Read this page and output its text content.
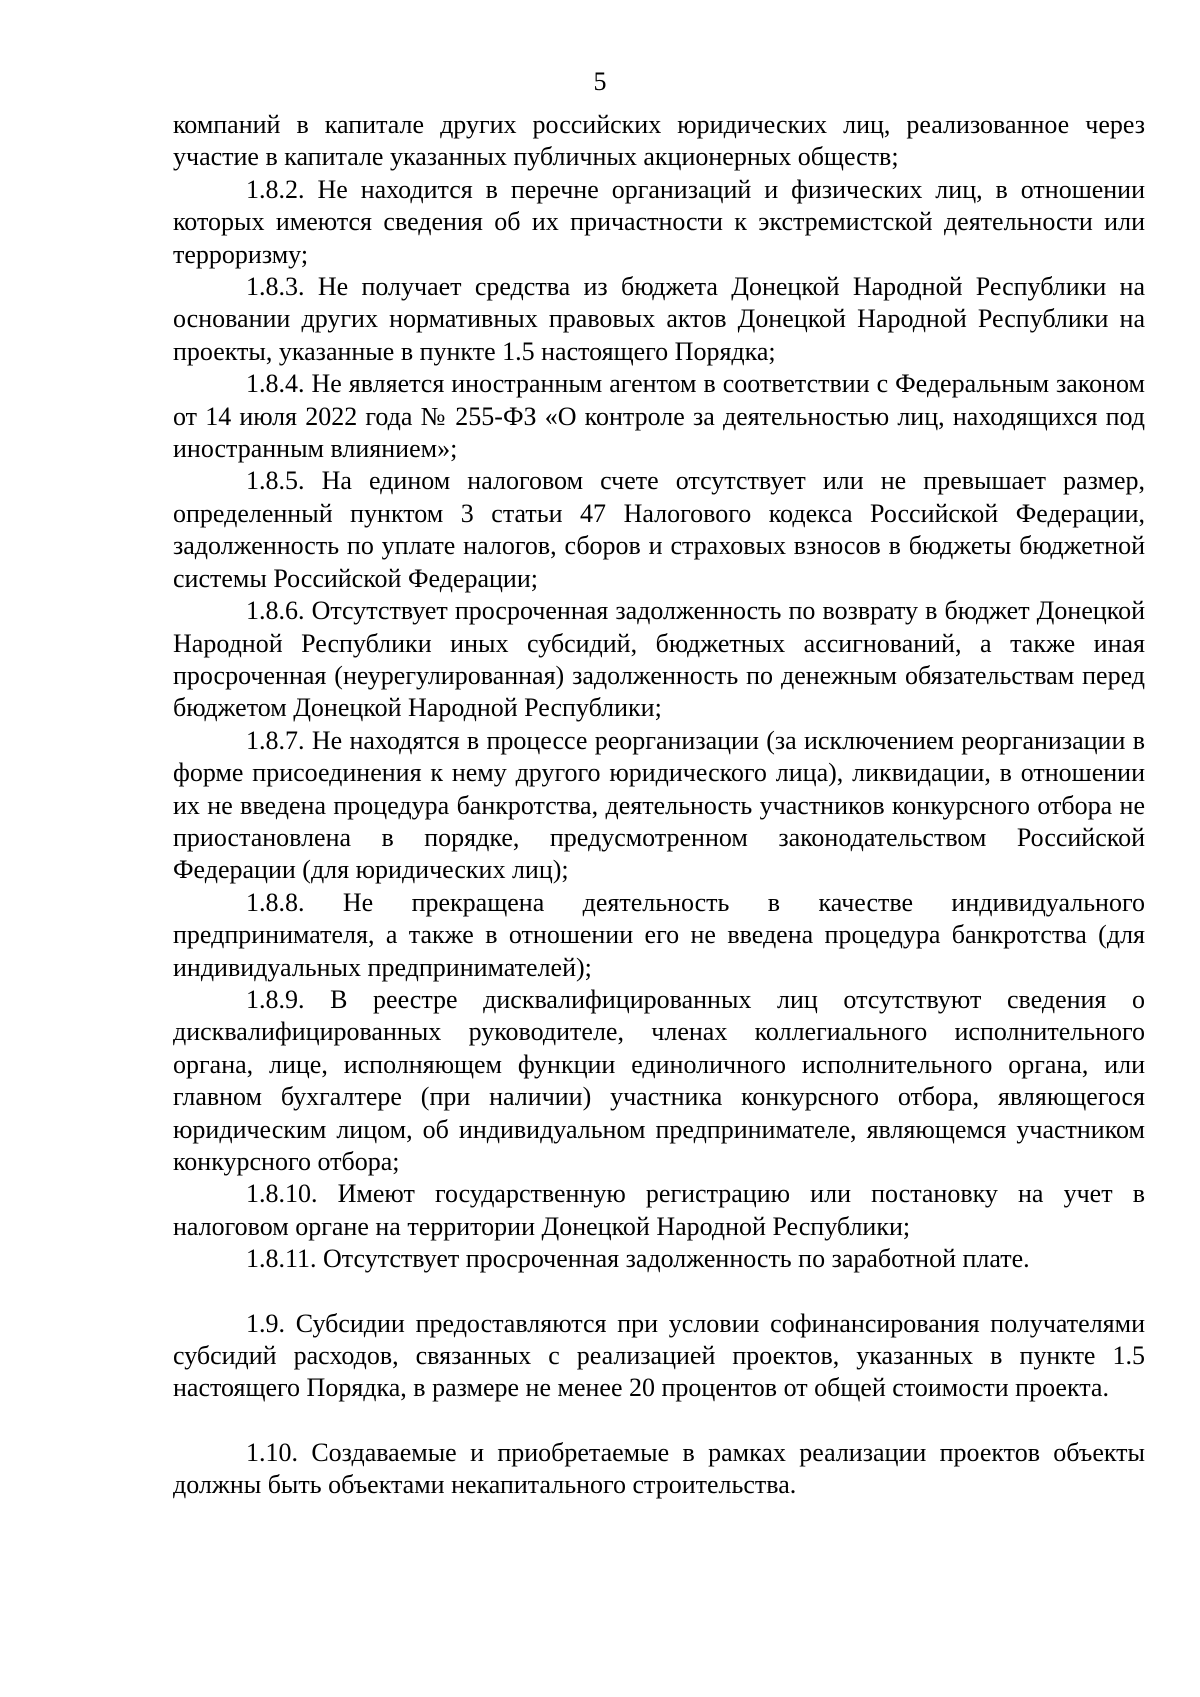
5

компаний в капитале других российских юридических лиц, реализованное через участие в капитале указанных публичных акционерных обществ;

1.8.2. Не находится в перечне организаций и физических лиц, в отношении которых имеются сведения об их причастности к экстремистской деятельности или терроризму;

1.8.3. Не получает средства из бюджета Донецкой Народной Республики на основании других нормативных правовых актов Донецкой Народной Республики на проекты, указанные в пункте 1.5 настоящего Порядка;

1.8.4. Не является иностранным агентом в соответствии с Федеральным законом от 14 июля 2022 года № 255-ФЗ «О контроле за деятельностью лиц, находящихся под иностранным влиянием»;

1.8.5. На едином налоговом счете отсутствует или не превышает размер, определенный пунктом 3 статьи 47 Налогового кодекса Российской Федерации, задолженность по уплате налогов, сборов и страховых взносов в бюджеты бюджетной системы Российской Федерации;

1.8.6. Отсутствует просроченная задолженность по возврату в бюджет Донецкой Народной Республики иных субсидий, бюджетных ассигнований, а также иная просроченная (неурегулированная) задолженность по денежным обязательствам перед бюджетом Донецкой Народной Республики;

1.8.7. Не находятся в процессе реорганизации (за исключением реорганизации в форме присоединения к нему другого юридического лица), ликвидации, в отношении их не введена процедура банкротства, деятельность участников конкурсного отбора не приостановлена в порядке, предусмотренном законодательством Российской Федерации (для юридических лиц);

1.8.8. Не прекращена деятельность в качестве индивидуального предпринимателя, а также в отношении его не введена процедура банкротства (для индивидуальных предпринимателей);

1.8.9. В реестре дисквалифицированных лиц отсутствуют сведения о дисквалифицированных руководителе, членах коллегиального исполнительного органа, лице, исполняющем функции единоличного исполнительного органа, или главном бухгалтере (при наличии) участника конкурсного отбора, являющегося юридическим лицом, об индивидуальном предпринимателе, являющемся участником конкурсного отбора;

1.8.10. Имеют государственную регистрацию или постановку на учет в налоговом органе на территории Донецкой Народной Республики;

1.8.11. Отсутствует просроченная задолженность по заработной плате.

1.9. Субсидии предоставляются при условии софинансирования получателями субсидий расходов, связанных с реализацией проектов, указанных в пункте 1.5 настоящего Порядка, в размере не менее 20 процентов от общей стоимости проекта.

1.10. Создаваемые и приобретаемые в рамках реализации проектов объекты должны быть объектами некапитального строительства.
